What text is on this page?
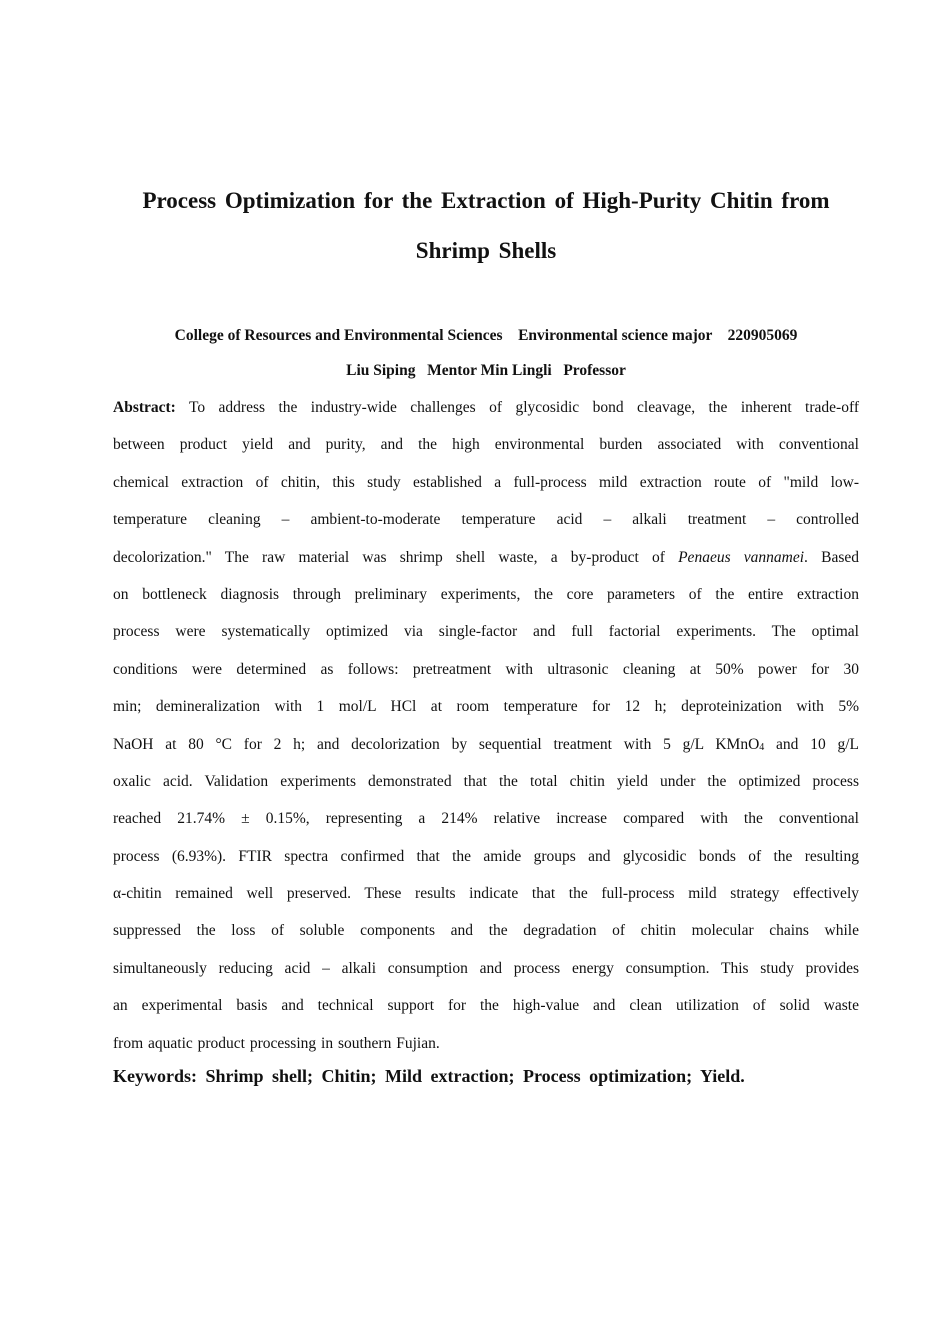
Process Optimization for the Extraction of High-Purity Chitin from
Shrimp Shells
College of Resources and Environmental Sciences Environmental science major 220905069
Liu Siping Mentor Min Lingli Professor
Abstract: To address the industry-wide challenges of glycosidic bond cleavage, the inherent trade-off
between product yield and purity, and the high environmental burden associated with conventional
chemical extraction of chitin, this study established a full-process mild extraction route of "mild low-
temperature cleaning – ambient-to-moderate temperature acid – alkali treatment – controlled
decolorization." The raw material was shrimp shell waste, a by-product of Penaeus vannamei. Based
on bottleneck diagnosis through preliminary experiments, the core parameters of the entire extraction
process were systematically optimized via single-factor and full factorial experiments. The optimal
conditions were determined as follows: pretreatment with ultrasonic cleaning at 50% power for 30
min; demineralization with 1 mol/L HCl at room temperature for 12 h; deproteinization with 5%
NaOH at 80 °C for 2 h; and decolorization by sequential treatment with 5 g/L KMnO4 and 10 g/L
oxalic acid. Validation experiments demonstrated that the total chitin yield under the optimized process
reached 21.74% ± 0.15%, representing a 214% relative increase compared with the conventional
process (6.93%). FTIR spectra confirmed that the amide groups and glycosidic bonds of the resulting
α-chitin remained well preserved. These results indicate that the full-process mild strategy effectively
suppressed the loss of soluble components and the degradation of chitin molecular chains while
simultaneously reducing acid – alkali consumption and process energy consumption. This study provides
an experimental basis and technical support for the high-value and clean utilization of solid waste
from aquatic product processing in southern Fujian.
Keywords: Shrimp shell; Chitin; Mild extraction; Process optimization; Yield.
